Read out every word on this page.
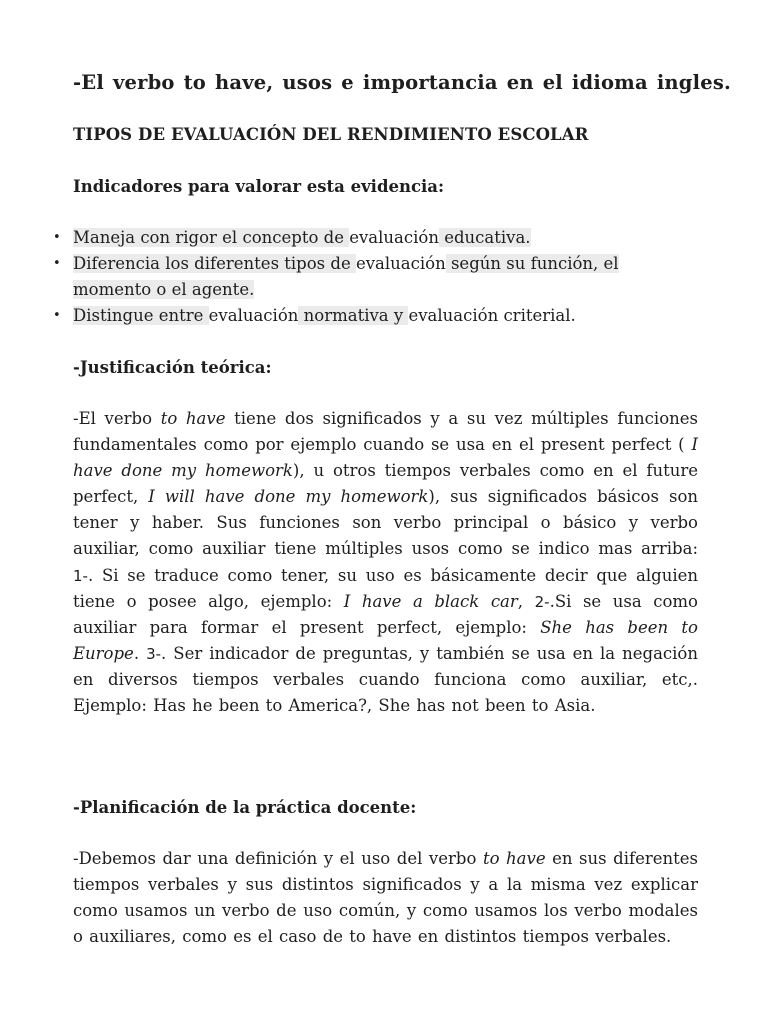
-El verbo to have, usos e importancia en el idioma ingles.
TIPOS DE EVALUACIÓN DEL RENDIMIENTO ESCOLAR
Indicadores para valorar esta evidencia:
• Maneja con rigor el concepto de evaluación educativa.
• Diferencia los diferentes tipos de evaluación según su función, el momento o el agente.
• Distingue entre evaluación normativa y evaluación criterial.
-Justificación teórica:

-El verbo to have tiene dos significados y a su vez múltiples funciones fundamentales como por ejemplo cuando se usa en el present perfect ( I have done my homework), u otros tiempos verbales como en el future perfect, I will have done my homework), sus significados básicos son tener y haber. Sus funciones son verbo principal o básico y verbo auxiliar, como auxiliar tiene múltiples usos como se indico mas arriba: 1-. Si se traduce como tener, su uso es básicamente decir que alguien tiene o posee algo, ejemplo: I have a black car, 2-.Si se usa como auxiliar para formar el present perfect, ejemplo: She has been to Europe. 3-. Ser indicador de preguntas, y también se usa en la negación en diversos tiempos verbales cuando funciona como auxiliar, etc,. Ejemplo: Has he been to America?, She has not been to Asia.

-Planificación de la práctica docente:

-Debemos dar una definición y el uso del verbo to have en sus diferentes tiempos verbales y sus distintos significados y a la misma vez explicar como usamos un verbo de uso común, y como usamos los verbo modales o auxiliares, como es el caso de to have en distintos tiempos verbales.
